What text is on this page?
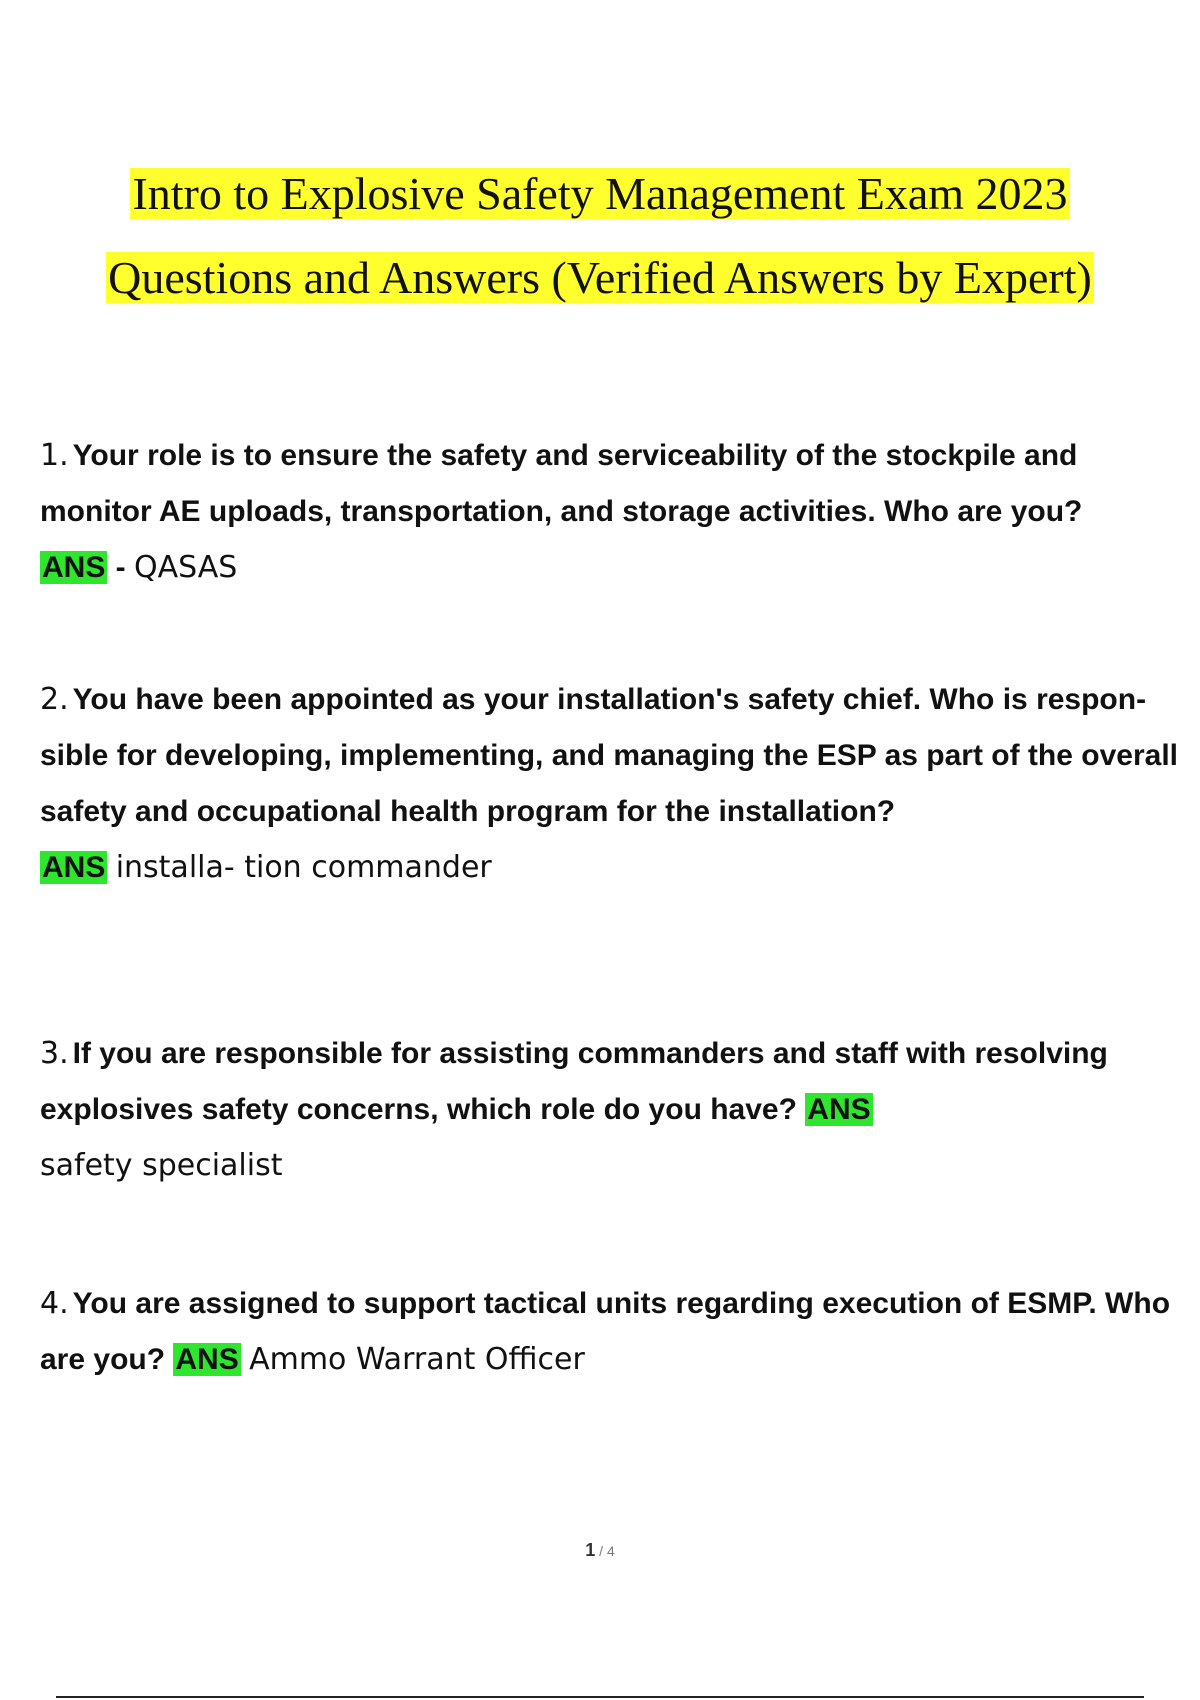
Intro to Explosive Safety Management Exam 2023
Questions and Answers (Verified Answers by Expert)
1. Your role is to ensure the safety and serviceability of the stockpile and monitor AE uploads, transportation, and storage activities. Who are you?
ANS - QASAS
2. You have been appointed as your installation's safety chief. Who is respon- sible for developing, implementing, and managing the ESP as part of the overall safety and occupational health program for the installation?
ANS installa- tion commander
3. If you are responsible for assisting commanders and staff with resolving explosives safety concerns, which role do you have? ANS
safety specialist
4. You are assigned to support tactical units regarding execution of ESMP. Who are you? ANS Ammo Warrant Officer
1 / 4
